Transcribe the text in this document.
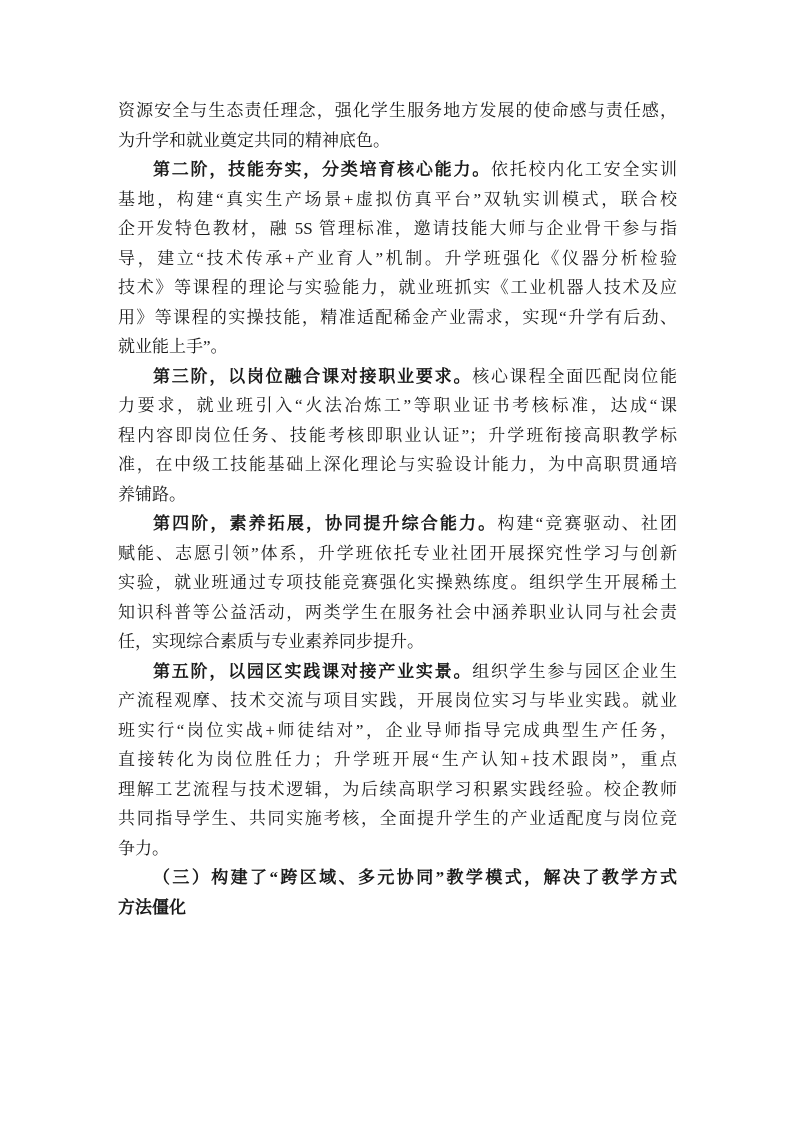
资源安全与生态责任理念，强化学生服务地方发展的使命感与责任感，
为升学和就业奠定共同的精神底色。
第二阶，技能夯实，分类培育核心能力。依托校内化工安全实训
基地，构建“真实生产场景+虚拟仿真平台”双轨实训模式，联合校
企开发特色教材，融 5S 管理标准，邀请技能大师与企业骨干参与指
导，建立“技术传承+产业育人”机制。升学班强化《仪器分析检验
技术》等课程的理论与实验能力，就业班抓实《工业机器人技术及应
用》等课程的实操技能，精准适配稀金产业需求，实现“升学有后劲、
就业能上手”。
第三阶，以岗位融合课对接职业要求。核心课程全面匹配岗位能
力要求，就业班引入“火法冶炼工”等职业证书考核标准，达成“课
程内容即岗位任务、技能考核即职业认证”；升学班衔接高职教学标
准，在中级工技能基础上深化理论与实验设计能力，为中高职贯通培
养铺路。
第四阶，素养拓展，协同提升综合能力。构建“竞赛驱动、社团
赋能、志愿引领”体系，升学班依托专业社团开展探究性学习与创新
实验，就业班通过专项技能竞赛强化实操熟练度。组织学生开展稀土
知识科普等公益活动，两类学生在服务社会中涵养职业认同与社会责
任，实现综合素质与专业素养同步提升。
第五阶，以园区实践课对接产业实景。组织学生参与园区企业生
产流程观摩、技术交流与项目实践，开展岗位实习与毕业实践。就业
班实行“岗位实战+师徒结对”，企业导师指导完成典型生产任务，
直接转化为岗位胜任力；升学班开展“生产认知+技术跟岗”，重点
理解工艺流程与技术逻辑，为后续高职学习积累实践经验。校企教师
共同指导学生、共同实施考核，全面提升学生的产业适配度与岗位竞
争力。
（三）构建了“跨区域、多元协同”教学模式，解决了教学方式
方法僵化
